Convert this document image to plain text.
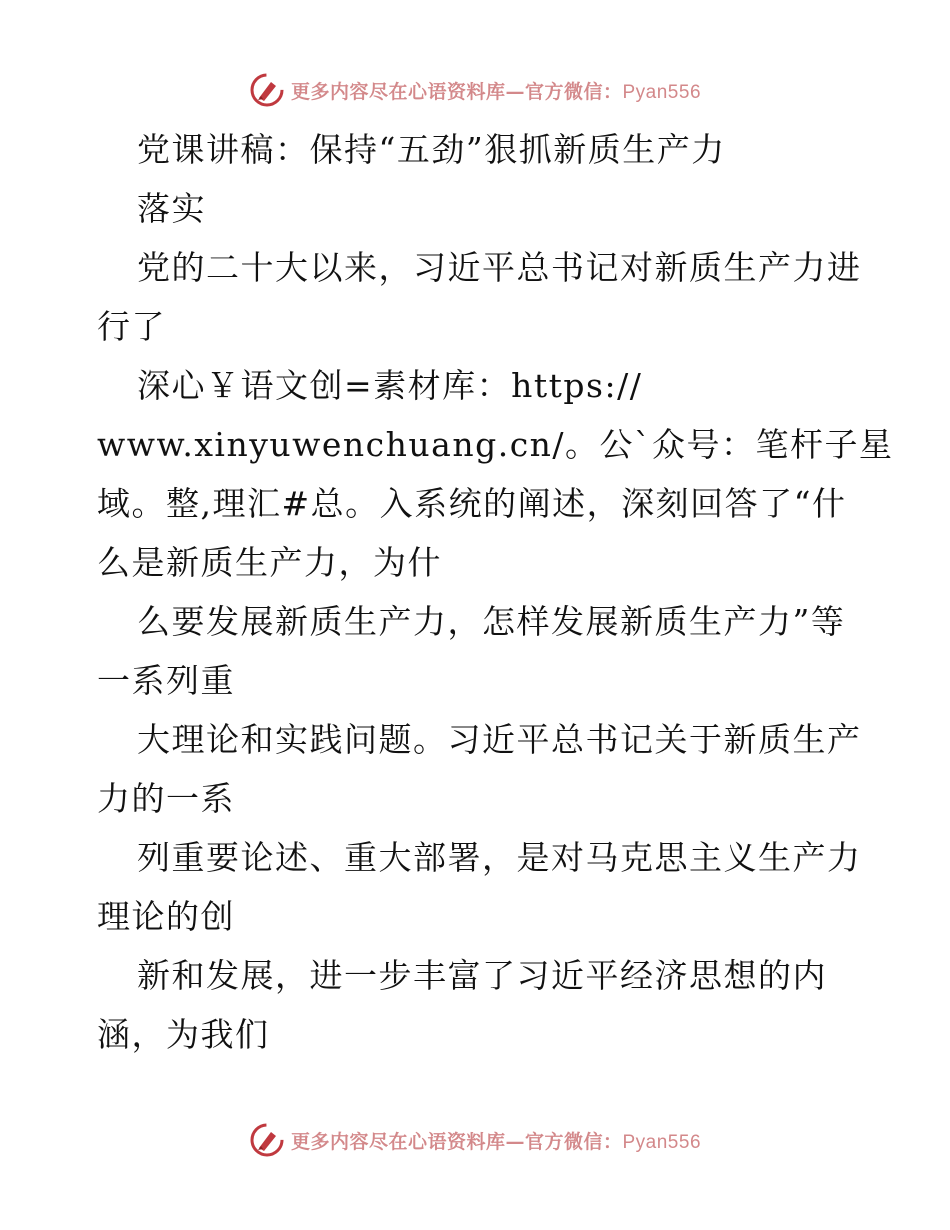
更多内容尽在心语资料库—官方微信：Pyan556
党课讲稿：保持“五劲”狠抓新质生产力
落实
党的二十大以来，习近平总书记对新质生产力进
行了
深心￥语文创=素材库：https://
www.xinyuwenchuang.cn/。公`众号：笔杆子星
域。整,理汇#总。入系统的阐述，深刻回答了“什
么是新质生产力，为什
么要发展新质生产力，怎样发展新质生产力”等
一系列重
大理论和实践问题。习近平总书记关于新质生产
力的一系
列重要论述、重大部署，是对马克思主义生产力
理论的创
新和发展，进一步丰富了习近平经济思想的内
涵，为我们
更多内容尽在心语资料库—官方微信：Pyan556
